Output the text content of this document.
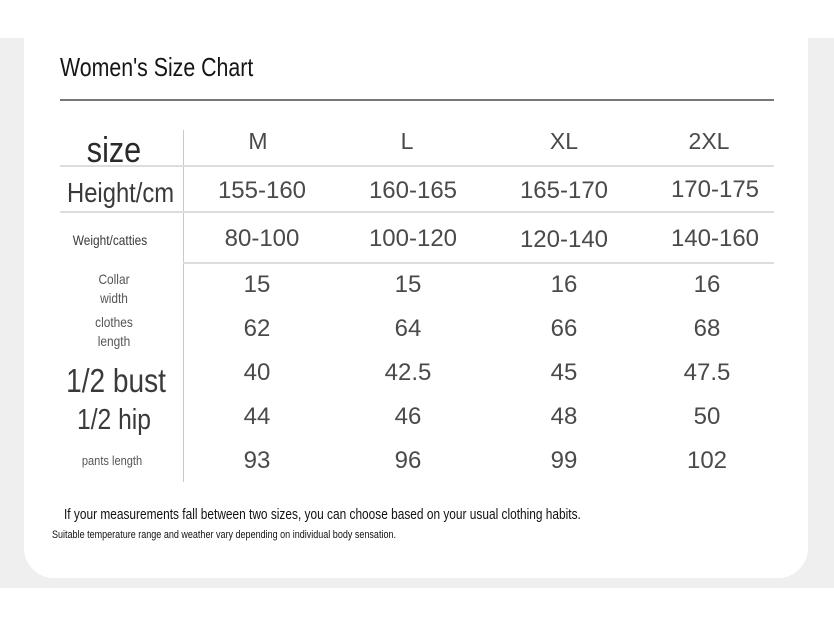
Women's Size Chart
size	M	L	XL	2XL
Height/cm	155-160	160-165	165-170	170-175
Weight/catties	80-100	100-120	120-140	140-160
Collar
width	15	15	16	16
clothes
length	62	64	66	68
1/2 bust	40	42.5	45	47.5
1/2 hip	44	46	48	50
pants length	93	96	99	102
If your measurements fall between two sizes, you can choose based on your usual clothing habits.
Suitable temperature range and weather vary depending on individual body sensation.
